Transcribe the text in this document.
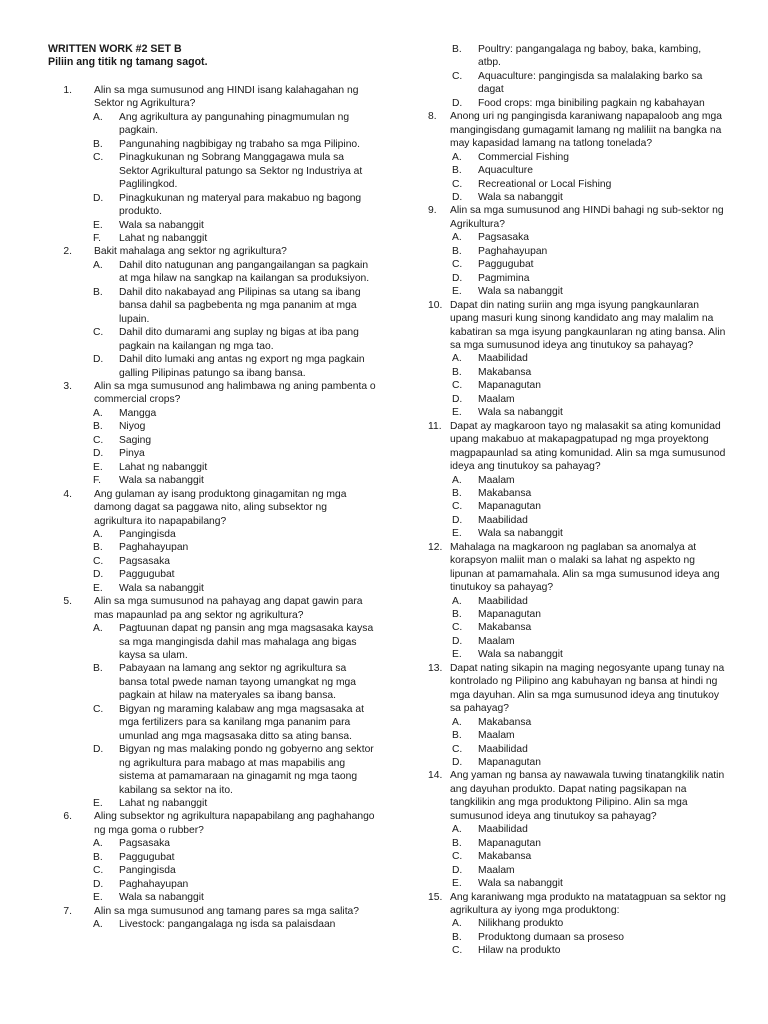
WRITTEN WORK #2 SET B
Piliin ang titik ng tamang sagot.
1.	Alin sa mga sumusunod ang HINDI isang kalahagahan ng Sektor ng Agrikultura?
A.	Ang agrikultura ay pangunahing pinagmumulan ng pagkain.
B.	Pangunahing nagbibigay ng trabaho sa mga Pilipino.
C.	Pinagkukunan ng Sobrang Manggagawa mula sa Sektor Agrikultural patungo sa Sektor ng Industriya at Paglilingkod.
D.	Pinagkukunan ng materyal para makabuo ng bagong produkto.
E.	Wala sa nabanggit
F.	Lahat ng nabanggit
2.	Bakit mahalaga ang sektor ng agrikultura?
A.	Dahil dito natugunan ang pangangailangan sa pagkain at mga hilaw na sangkap na kailangan sa produksiyon.
B.	Dahil dito nakabayad ang Pilipinas sa utang sa ibang bansa dahil sa pagbebenta ng mga pananim at mga lupain.
C.	Dahil dito dumarami ang suplay ng bigas at iba pang pagkain na kailangan ng mga tao.
D.	Dahil dito lumaki ang antas ng export ng mga pagkain galling Pilipinas patungo sa ibang bansa.
3.	Alin sa mga sumusunod ang halimbawa ng aning pambenta o commercial crops?
A.	Mangga
B.	Niyog
C.	Saging
D.	Pinya
E.	Lahat ng nabanggit
F.	Wala sa nabanggit
4.	Ang gulaman ay isang produktong ginagamitan ng mga damong dagat sa paggawa nito, aling subsektor ng agrikultura ito napapabilang?
A.	Pangingisda
B.	Paghahayupan
C.	Pagsasaka
D.	Paggugubat
E.	Wala sa nabanggit
5.	Alin sa mga sumusunod na pahayag ang dapat gawin para mas mapaunlad pa ang sektor ng agrikultura?
A.	Pagtuunan dapat ng pansin ang mga magsasaka kaysa sa mga mangingisda dahil mas mahalaga ang bigas kaysa sa ulam.
B.	Pabayaan na lamang ang sektor ng agrikultura sa bansa total pwede naman tayong umangkat ng mga pagkain at hilaw na materyales sa ibang bansa.
C.	Bigyan ng maraming kalabaw ang mga magsasaka at mga fertilizers para sa kanilang mga pananim para umunlad ang mga magsasaka ditto sa ating bansa.
D.	Bigyan ng mas malaking pondo ng gobyerno ang sektor ng agrikultura para mabago at mas mapabilis ang sistema at pamamaraan na ginagamit ng mga taong kabilang sa sektor na ito.
E.	Lahat ng nabanggit
6.	Aling subsektor ng agrikultura napapabilang ang paghahango ng mga goma o rubber?
A.	Pagsasaka
B.	Paggugubat
C.	Pangingisda
D.	Paghahayupan
E.	Wala sa nabanggit
7.	Alin sa mga sumusunod ang tamang pares sa mga salita?
A.	Livestock: pangangalaga ng isda sa palaisdaan
B.	Poultry: pangangalaga ng baboy, baka, kambing, atbp.
C.	Aquaculture: pangingisda sa malalaking barko sa dagat
D.	Food crops: mga binibiling pagkain ng kabahayan
8.	Anong uri ng pangingisda karaniwang napapaloob ang mga mangingisdang gumagamit lamang ng maliliit na bangka na may kapasidad lamang na tatlong tonelada?
A.	Commercial Fishing
B.	Aquaculture
C.	Recreational or Local Fishing
D.	Wala sa nabanggit
9.	Alin sa mga sumusunod ang HINDi bahagi ng sub-sektor ng Agrikultura?
A.	Pagsasaka
B.	Paghahayupan
C.	Paggugubat
D.	Pagmimina
E.	Wala sa nabanggit
10. Dapat din nating suriin ang mga isyung pangkaunlaran upang masuri kung sinong kandidato ang may malalim na kabatiran sa mga isyung pangkaunlaran ng ating bansa. Alin sa mga sumusunod ideya ang tinutukoy sa pahayag?
A.	Maabilidad
B.	Makabansa
C.	Mapanagutan
D.	Maalam
E.	Wala sa nabanggit
11. Dapat ay magkaroon tayo ng malasakit sa ating komunidad upang makabuo at makapagpatupad ng mga proyektong magpapaunlad sa ating komunidad. Alin sa mga sumusunod ideya ang tinutukoy sa pahayag?
A.	Maalam
B.	Makabansa
C.	Mapanagutan
D.	Maabilidad
E.	Wala sa nabanggit
12. Mahalaga na magkaroon ng paglaban sa anomalya at korapsyon maliit man o malaki sa lahat ng aspekto ng lipunan at pamamahala. Alin sa mga sumusunod ideya ang tinutukoy sa pahayag?
A.	Maabilidad
B.	Mapanagutan
C.	Makabansa
D.	Maalam
E.	Wala sa nabanggit
13. Dapat nating sikapin na maging negosyante upang tunay na kontrolado ng Pilipino ang kabuhayan ng bansa at hindi ng mga dayuhan. Alin sa mga sumusunod ideya ang tinutukoy sa pahayag?
A.	Makabansa
B.	Maalam
C.	Maabilidad
D.	Mapanagutan
14. Ang yaman ng bansa ay nawawala tuwing tinatangkilik natin ang dayuhan produkto. Dapat nating pagsikapan na tangkilikin ang mga produktong Pilipino. Alin sa mga sumusunod ideya ang tinutukoy sa pahayag?
A.	Maabilidad
B.	Mapanagutan
C.	Makabansa
D.	Maalam
E.	Wala sa nabanggit
15. Ang karaniwang mga produkto na matatagpuan sa sektor ng agrikultura ay iyong mga produktong:
A.	Nilikhang produkto
B.	Produktong dumaan sa proseso
C.	Hilaw na produkto
